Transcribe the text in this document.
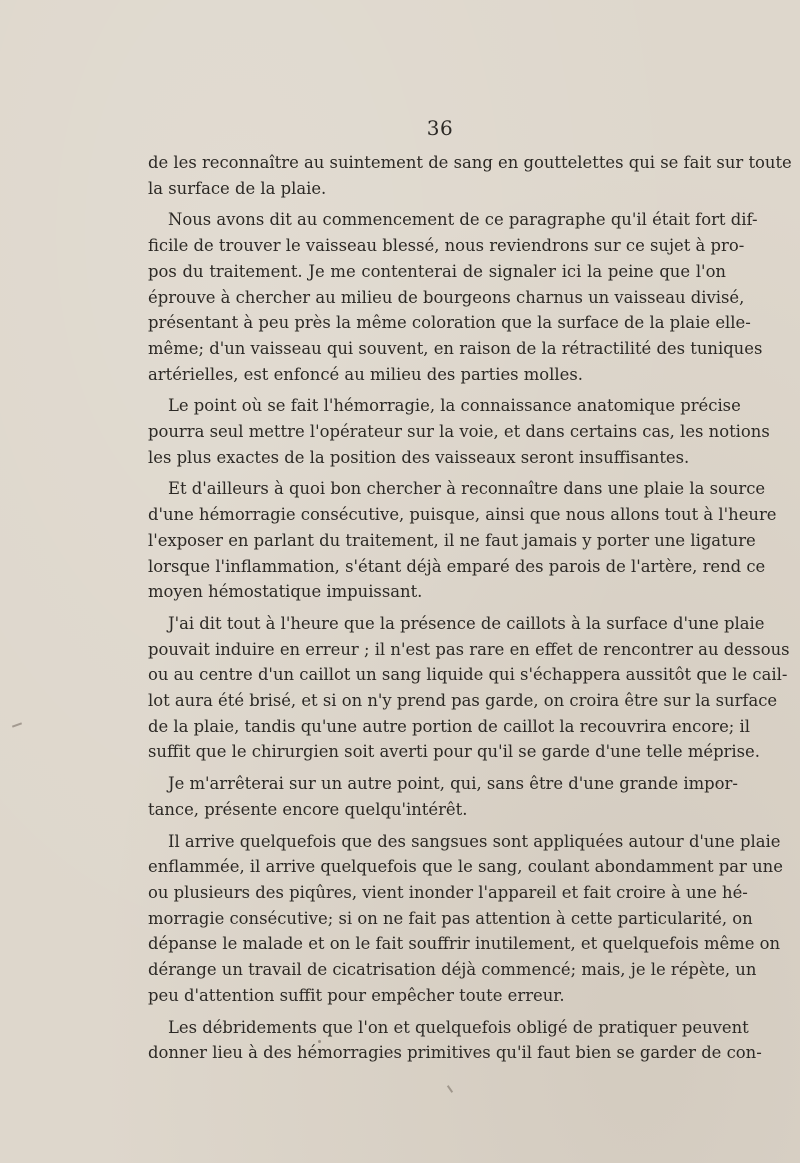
36

de les reconnaître au suintement de sang en gouttelettes qui se fait sur toute
la surface de la plaie.

Nous avons dit au commencement de ce paragraphe qu'il était fort dif-
ficile de trouver le vaisseau blessé, nous reviendrons sur ce sujet à pro-
pos du traitement. Je me contenterai de signaler ici la peine que l'on
éprouve à chercher au milieu de bourgeons charnus un vaisseau divisé,
présentant à peu près la même coloration que la surface de la plaie elle-
même; d'un vaisseau qui souvent, en raison de la rétractilité des tuniques
artérielles, est enfoncé au milieu des parties molles.

Le point où se fait l'hémorragie, la connaissance anatomique précise
pourra seul mettre l'opérateur sur la voie, et dans certains cas, les notions
les plus exactes de la position des vaisseaux seront insuffisantes.

Et d'ailleurs à quoi bon chercher à reconnaître dans une plaie la source
d'une hémorragie consécutive, puisque, ainsi que nous allons tout à l'heure
l'exposer en parlant du traitement, il ne faut jamais y porter une ligature
lorsque l'inflammation, s'étant déjà emparé des parois de l'artère, rend ce
moyen hémostatique impuissant.

J'ai dit tout à l'heure que la présence de caillots à la surface d'une plaie
pouvait induire en erreur ; il n'est pas rare en effet de rencontrer au dessous
ou au centre d'un caillot un sang liquide qui s'échappera aussitôt que le cail-
lot aura été brisé, et si on n'y prend pas garde, on croira être sur la surface
de la plaie, tandis qu'une autre portion de caillot la recouvrira encore; il
suffit que le chirurgien soit averti pour qu'il se garde d'une telle méprise.

Je m'arrêterai sur un autre point, qui, sans être d'une grande impor-
tance, présente encore quelqu'intérêt.

Il arrive quelquefois que des sangsues sont appliquées autour d'une plaie
enflammée, il arrive quelquefois que le sang, coulant abondamment par une
ou plusieurs des piqûres, vient inonder l'appareil et fait croire à une hé-
morragie consécutive; si on ne fait pas attention à cette particularité, on
dépanse le malade et on le fait souffrir inutilement, et quelquefois même on
dérange un travail de cicatrisation déjà commencé; mais, je le répète, un
peu d'attention suffit pour empêcher toute erreur.

Les débridements que l'on et quelquefois obligé de pratiquer peuvent
donner lieu à des hémorragies primitives qu'il faut bien se garder de con-
